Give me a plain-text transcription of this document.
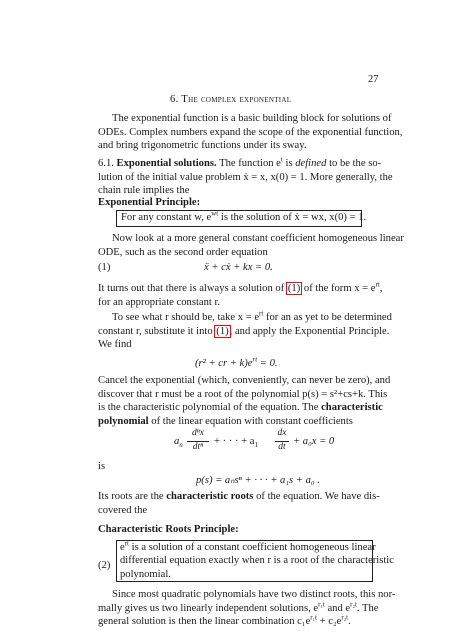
27
6. The complex exponential
The exponential function is a basic building block for solutions of
ODEs. Complex numbers expand the scope of the exponential function,
and bring trigonometric functions under its sway.
6.1. Exponential solutions. The function $e^t$ is defined to be the so-
lution of the initial value problem ẋ = x, x(0) = 1. More generally, the
chain rule implies the
Exponential Principle:
For any constant w, $e^{wt}$ is the solution of ẋ = wx, x(0) = 1.
Now look at a more general constant coefficient homogeneous linear
ODE, such as the second order equation
(1)	ẍ + cẋ + kx = 0.
It turns out that there is always a solution of (1) of the form $x = e^{rt}$,
for an appropriate constant r.
To see what r should be, take $x = e^{rt}$ for an as yet to be determined
constant r, substitute it into (1), and apply the Exponential Principle.
We find
(r² + cr + $k)e^{rt} = 0$.
Cancel the exponential (which, conveniently, can never be zero), and
discover that r must be a root of the polynomial p(s) = s²+cs+k. This
is the characteristic polynomial of the equation. The characteristic
polynomial of the linear equation with constant coefficients
$a_n$
dⁿx
dtⁿ	+ · · · + $a_1$
dx
dt + a₀x = 0
is
p(s) = aₙsⁿ + · · · + a₁s + a₀ .
Its roots are the characteristic roots of the equation. We have dis-
covered the
Characteristic Roots Principle:
(2)
$e^{rt}$ is a solution of a constant coefficient homogeneous linear
differential equation exactly when r is a root of the characteristic
polynomial.
Since most quadratic polynomials have two distinct roots, this nor-
mally gives us two linearly independent solutions, $e^{r_1t}$ and $e^{r_2t}$. The
general solution is then the linear combination $c_1e^{r_1t} + c_2e^{r_2t}$.
